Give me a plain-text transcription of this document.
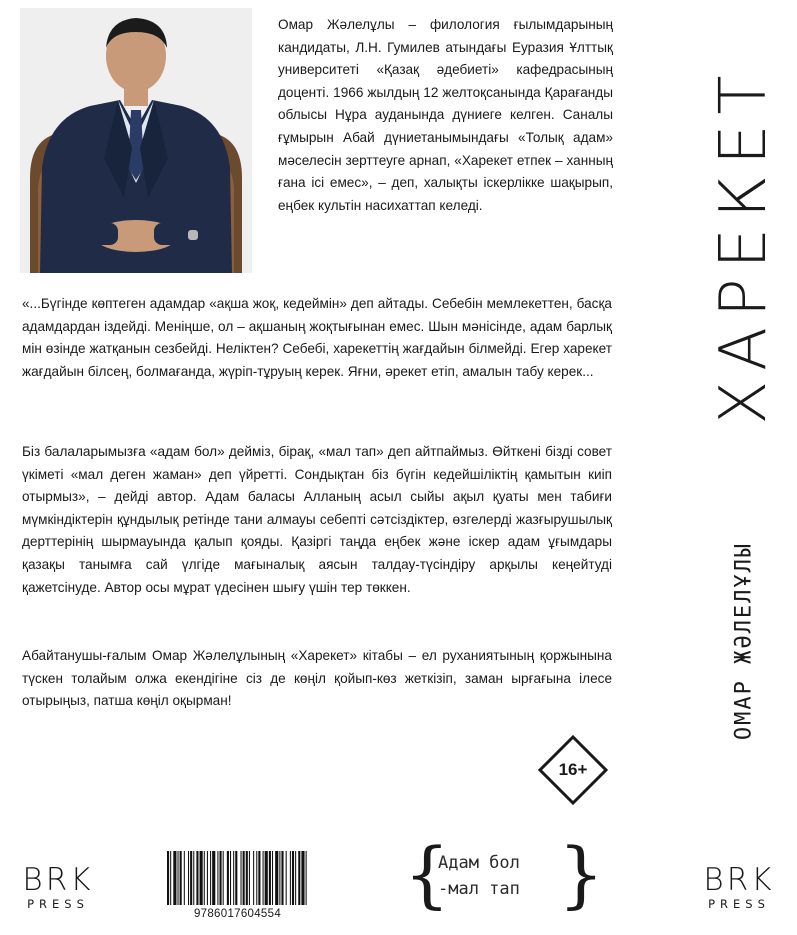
Омар Жәлелұлы – филология ғылымдарының кандидаты, Л.Н. Гумилев атындағы Еуразия Ұлттық университеті «Қазақ әдебиеті» кафедрасының доценті. 1966 жылдың 12 желтоқсанында Қарағанды облысы Нұра ауданында дүниеге келген. Саналы ғұмырын Абай дүниетанымындағы «Толық адам» мәселесін зерттеуге арнап, «Харекет етпек – ханның ғана ісі емес», – деп, халықты іскерлікке шақырып, еңбек культін насихаттап келеді.

«...Бүгінде көптеген адамдар «ақша жоқ, кедеймін» деп айтады. Себебін мемлекеттен, басқа адамдардан іздейді. Меніңше, ол – ақшаның жоқтығынан емес. Шын мәнісінде, адам барлық мін өзінде жатқанын сезбейді. Неліктен? Себебі, харекеттің жағдайын білмейді. Егер харекет жағдайын білсең, болмағанда, жүріп-тұруың керек. Яғни, әрекет етіп, амалын табу керек...

Біз балаларымызға «адам бол» дейміз, бірақ, «мал тап» деп айтпаймыз. Өйткені бізді совет үкіметі «мал деген жаман» деп үйретті. Сондықтан біз бүгін кедейшіліктің қамытын киіп отырмыз», – дейді автор. Адам баласы Алланың асыл сыйы ақыл қуаты мен табиғи мүмкіндіктерін құндылық ретінде тани алмауы себепті сәтсіздіктер, өзгелерді жазғырушылық дерттерінің шырмауында қалып қояды. Қазіргі таңда еңбек және іскер адам ұғымдары қазақы танымға сай үлгіде мағыналық аясын талдау-түсіндіру арқылы кеңейтуді қажетсінуде. Автор осы мұрат үдесінен шығу үшін тер төккен.

Абайтанушы-ғалым Омар Жәлелұлының «Харекет» кітабы – ел руханиятының қоржынына түскен толайым олжа екендігіне сіз де көңіл қойып-көз жеткізіп, заман ырғағына ілесе отырыңыз, патша көңіл оқырман!

ХАРЕКЕТ
ОМАР ЖӘЛЕЛҰЛЫ
16+
BRK
PRESS
9786017604554	{
Адам бол
-мал тап }	BRK
PRESS
